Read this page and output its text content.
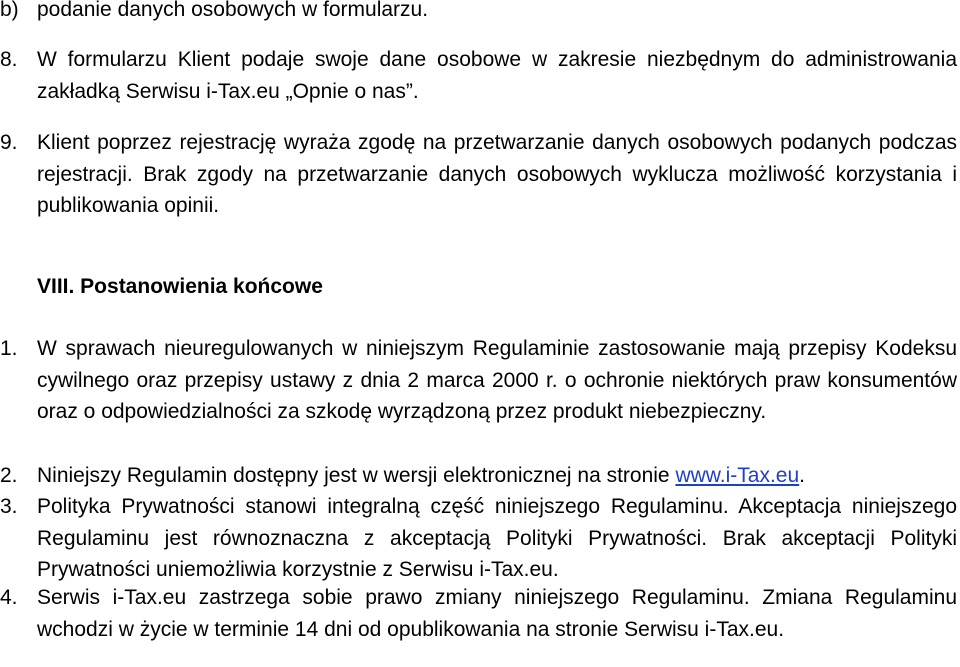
b) podanie danych osobowych w formularzu.
8. W formularzu Klient podaje swoje dane osobowe w zakresie niezbędnym do administrowania zakładką Serwisu i-Tax.eu „Opnie o nas”.
9. Klient poprzez rejestrację wyraża zgodę na przetwarzanie danych osobowych podanych podczas rejestracji. Brak zgody na przetwarzanie danych osobowych wyklucza możliwość korzystania i publikowania opinii.
VIII. Postanowienia końcowe
1. W sprawach nieuregulowanych w niniejszym Regulaminie zastosowanie mają przepisy Kodeksu cywilnego oraz przepisy ustawy z dnia 2 marca 2000 r. o ochronie niektórych praw konsumentów oraz o odpowiedzialności za szkodę wyrządzoną przez produkt niebezpieczny.
2. Niniejszy Regulamin dostępny jest w wersji elektronicznej na stronie www.i-Tax.eu.
3. Polityka Prywatności stanowi integralną część niniejszego Regulaminu. Akceptacja niniejszego Regulaminu jest równoznaczna z akceptacją Polityki Prywatności. Brak akceptacji Polityki Prywatności uniemożliwia korzystnie z Serwisu i-Tax.eu.
4. Serwis i-Tax.eu zastrzega sobie prawo zmiany niniejszego Regulaminu. Zmiana Regulaminu wchodzi w życie w terminie 14 dni od opublikowania na stronie Serwisu i-Tax.eu.
